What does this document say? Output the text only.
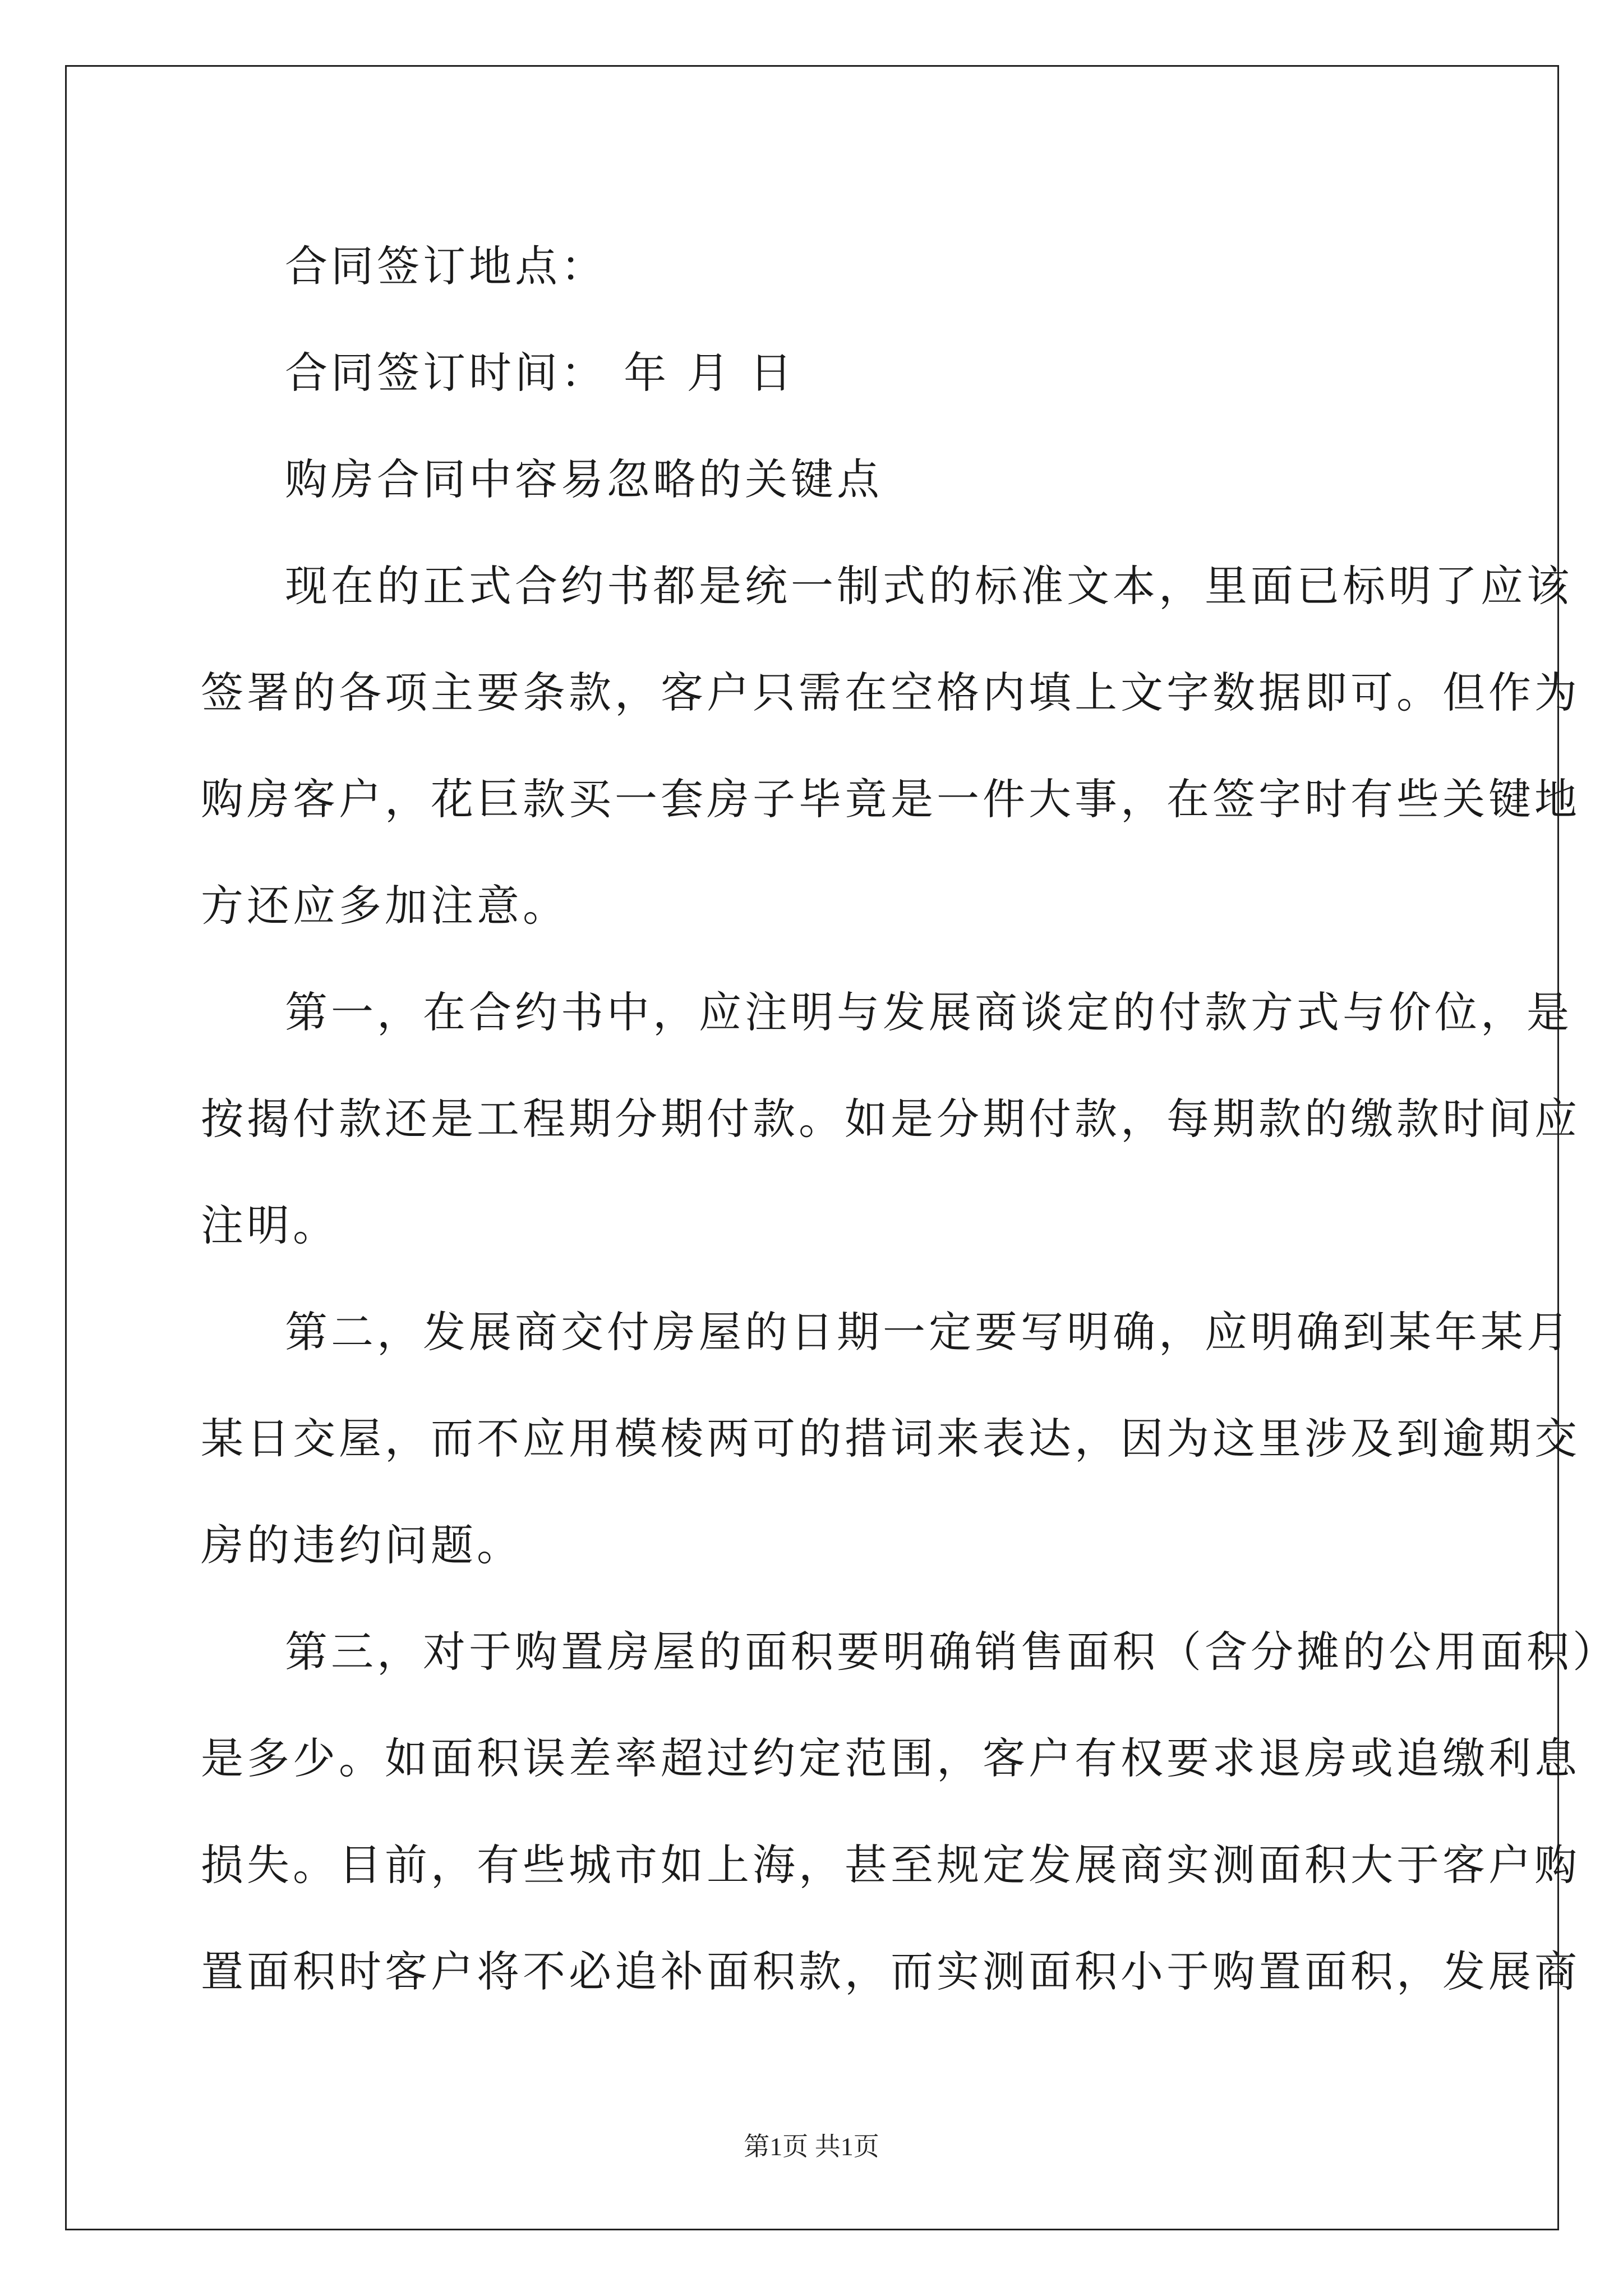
合同签订地点：
合同签订时间： 年 月 日
购房合同中容易忽略的关键点
现在的正式合约书都是统一制式的标准文本，里面已标明了应该
签署的各项主要条款，客户只需在空格内填上文字数据即可。但作为
购房客户，花巨款买一套房子毕竟是一件大事，在签字时有些关键地
方还应多加注意。
第一，在合约书中，应注明与发展商谈定的付款方式与价位，是
按揭付款还是工程期分期付款。如是分期付款，每期款的缴款时间应
注明。
第二，发展商交付房屋的日期一定要写明确，应明确到某年某月
某日交屋，而不应用模棱两可的措词来表达，因为这里涉及到逾期交
房的违约问题。
第三，对于购置房屋的面积要明确销售面积（含分摊的公用面积）
是多少。如面积误差率超过约定范围，客户有权要求退房或追缴利息
损失。目前，有些城市如上海，甚至规定发展商实测面积大于客户购
置面积时客户将不必追补面积款，而实测面积小于购置面积，发展商
第1页 共1页
